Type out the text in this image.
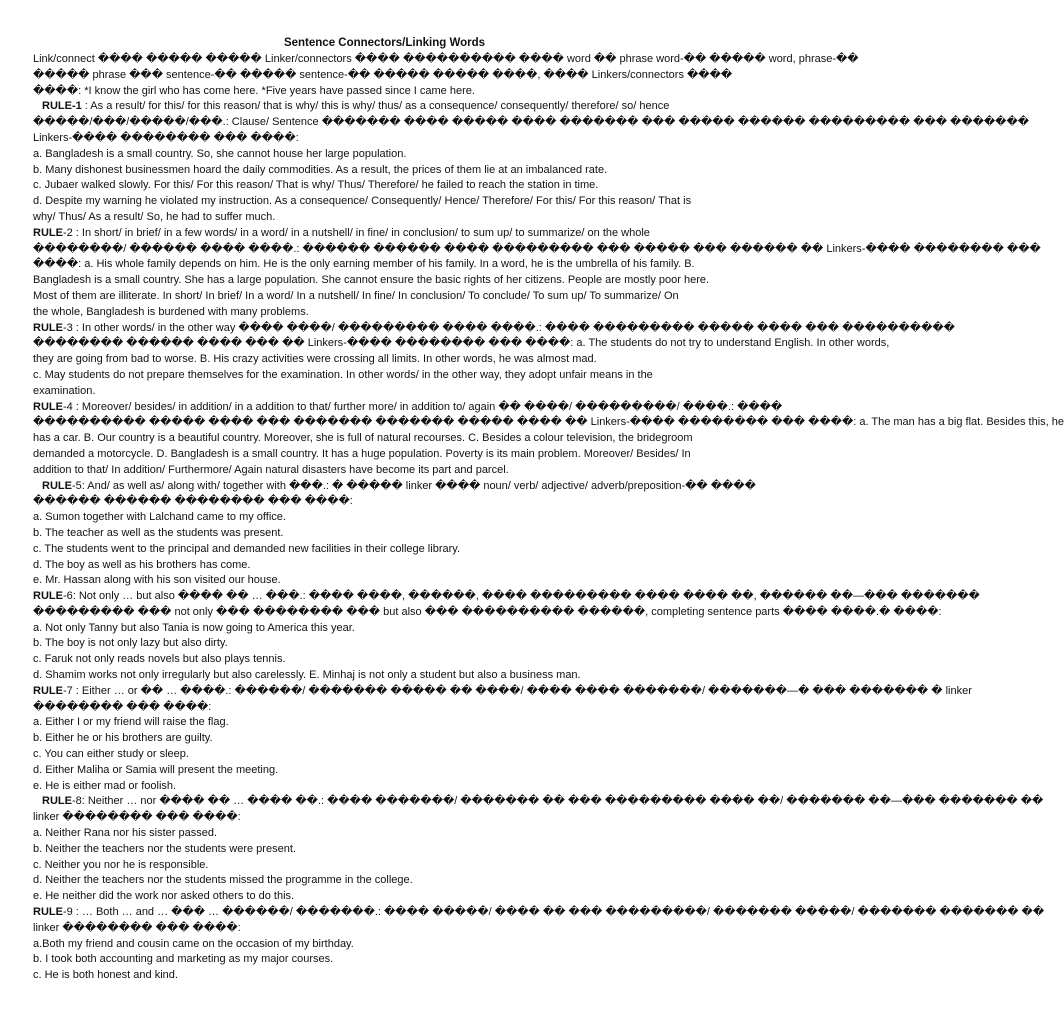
Sentence Connectors/Linking Words
Link/connect ���� ����� ����� Linker/connectors ���� ���������� ���� word �� phrase word-�� ����� word, phrase-��
����� phrase ��� sentence-�� ����� sentence-�� ����� ����� ����, ���� Linkers/connectors ����
����: *I know the girl who has come here. *Five years have passed since I came here.
RULE-1 : As a result/ for this/ for this reason/ that is why/ this is why/ thus/ as a consequence/ consequently/ therefore/ so/ hence
�����/���/�����/���.: Clause/ Sentence ������� ���� ����� ���� ������� ��� ����� ������ ��������� ��� �������
Linkers-���� �������� ��� ����:
a. Bangladesh is a small country. So, she cannot house her large population.
b. Many dishonest businessmen hoard the daily commodities. As a result, the prices of them lie at an imbalanced rate.
c. Jubaer walked slowly. For this/ For this reason/ That is why/ Thus/ Therefore/ he failed to reach the station in time.
d. Despite my warning he violated my instruction. As a consequence/ Consequently/ Hence/ Therefore/ For this/ For this reason/ That is
why/ Thus/ As a result/ So, he had to suffer much.
RULE-2 : In short/ in brief/ in a few words/ in a word/ in a nutshell/ in fine/ in conclusion/ to sum up/ to summarize/ on the whole
��������/ ������ ���� ����.: ������ ������ ���� ��������� ��� ����� ��� ������ �� Linkers-���� �������� ���
����: a. His whole family depends on him. He is the only earning member of his family. In a word, he is the umbrella of his family. B.
Bangladesh is a small country. She has a large population. She cannot ensure the basic rights of her citizens. People are mostly poor here.
Most of them are illiterate. In short/ In brief/ In a word/ In a nutshell/ In fine/ In conclusion/ To conclude/ To sum up/ To summarize/ On
the whole, Bangladesh is burdened with many problems.
RULE-3 : In other words/ in the other way ���� ����/ ��������� ���� ����.: ���� ��������� ����� ���� ��� ����������
�������� ������ ���� ��� �� Linkers-���� �������� ��� ����: a. The students do not try to understand English. In other words,
they are going from bad to worse. B. His crazy activities were crossing all limits. In other words, he was almost mad.
c. May students do not prepare themselves for the examination. In other words/ in the other way, they adopt unfair means in the
examination.
RULE-4 : Moreover/ besides/ in addition/ in a addition to that/ further more/ in addition to/ again �� ����/ ���������/ ����.: ����
���������� ����� ���� ��� ������� ������� ����� ���� �� Linkers-���� �������� ��� ����: a. The man has a big flat. Besides this, he
has a car. B. Our country is a beautiful country. Moreover, she is full of natural recourses. C. Besides a colour television, the bridegroom
demanded a motorcycle. D. Bangladesh is a small country. It has a huge population. Poverty is its main problem. Moreover/ Besides/ In
addition to that/ In addition/ Furthermore/ Again natural disasters have become its part and parcel.
RULE-5: And/ as well as/ along with/ together with ���.: � ����� linker ���� noun/ verb/ adjective/ adverb/preposition-�� ����
������ ������ �������� ��� ����:
a. Sumon together with Lalchand came to my office.
b. The teacher as well as the students was present.
c. The students went to the principal and demanded new facilities in their college library.
d. The boy as well as his brothers has come.
e. Mr. Hassan along with his son visited our house.
RULE-6: Not only … but also ���� �� … ���.: ���� ����, ������, ���� ��������� ���� ���� ��, ������ ��—��� �������
��������� ��� not only ��� �������� ��� but also ��� ���������� ������, completing sentence parts ���� ����.� ����:
a. Not only Tanny but also Tania is now going to America this year.
b. The boy is not only lazy but also dirty.
c. Faruk not only reads novels but also plays tennis.
d. Shamim works not only irregularly but also carelessly. E. Minhaj is not only a student but also a business man.
RULE-7 : Either … or �� … ����.: ������/ ������� ����� �� ����/ ���� ���� �������/ �������—� ��� ������� � linker
�������� ��� ����:
a. Either I or my friend will raise the flag.
b. Either he or his brothers are guilty.
c. You can either study or sleep.
d. Either Maliha or Samia will present the meeting.
e. He is either mad or foolish.
RULE-8: Neither … nor ���� �� … ���� ��.: ���� �������/ ������� �� ��� ��������� ���� ��/ ������� ��—��� ������� ��
linker �������� ��� ����:
a. Neither Rana nor his sister passed.
b. Neither the teachers nor the students were present.
c. Neither you nor he is responsible.
d. Neither the teachers nor the students missed the programme in the college.
e. He neither did the work nor asked others to do this.
RULE-9 : … Both … and … ��� … ������/ �������.: ���� �����/ ���� �� ��� ���������/ ������� �����/ ������� ������� ��
linker �������� ��� ����:
a.Both my friend and cousin came on the occasion of my birthday.
b. I took both accounting and marketing as my major courses.
c. He is both honest and kind.
